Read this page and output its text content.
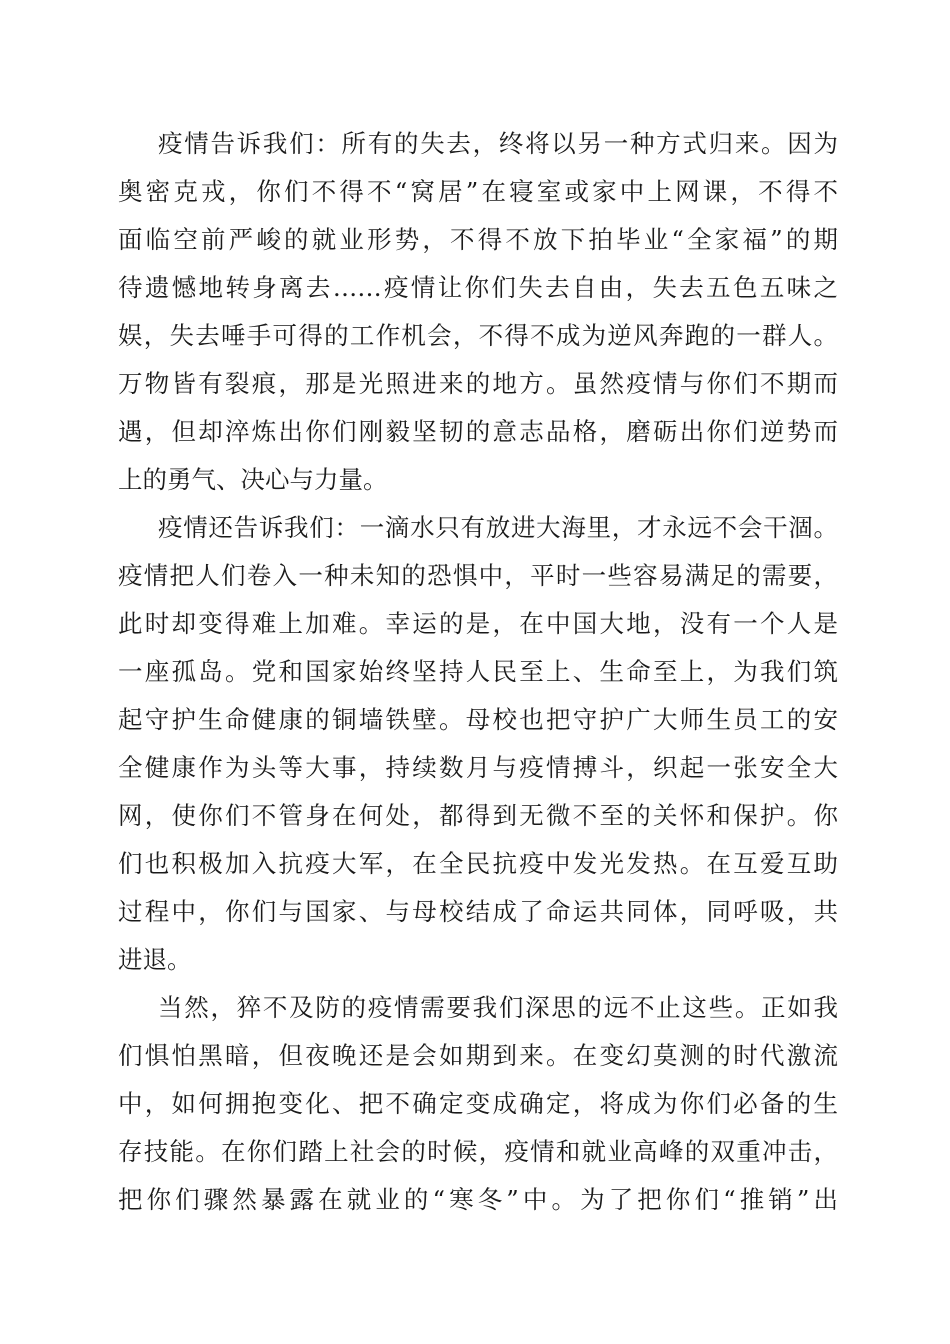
疫情告诉我们：所有的失去，终将以另一种方式归来。因为
奥密克戎，你们不得不“窝居”在寝室或家中上网课，不得不
面临空前严峻的就业形势，不得不放下拍毕业“全家福”的期
待遗憾地转身离去……疫情让你们失去自由，失去五色五味之
娱，失去唾手可得的工作机会，不得不成为逆风奔跑的一群人。
万物皆有裂痕，那是光照进来的地方。虽然疫情与你们不期而
遇，但却淬炼出你们刚毅坚韧的意志品格，磨砺出你们逆势而
上的勇气、决心与力量。
疫情还告诉我们：一滴水只有放进大海里，才永远不会干涸。
疫情把人们卷入一种未知的恐惧中，平时一些容易满足的需要，
此时却变得难上加难。幸运的是，在中国大地，没有一个人是
一座孤岛。党和国家始终坚持人民至上、生命至上，为我们筑
起守护生命健康的铜墙铁壁。母校也把守护广大师生员工的安
全健康作为头等大事，持续数月与疫情搏斗，织起一张安全大
网，使你们不管身在何处，都得到无微不至的关怀和保护。你
们也积极加入抗疫大军，在全民抗疫中发光发热。在互爱互助
过程中，你们与国家、与母校结成了命运共同体，同呼吸，共
进退。
当然，猝不及防的疫情需要我们深思的远不止这些。正如我
们惧怕黑暗，但夜晚还是会如期到来。在变幻莫测的时代激流
中，如何拥抱变化、把不确定变成确定，将成为你们必备的生
存技能。在你们踏上社会的时候，疫情和就业高峰的双重冲击，
把你们骤然暴露在就业的“寒冬”中。为了把你们“推销”出
